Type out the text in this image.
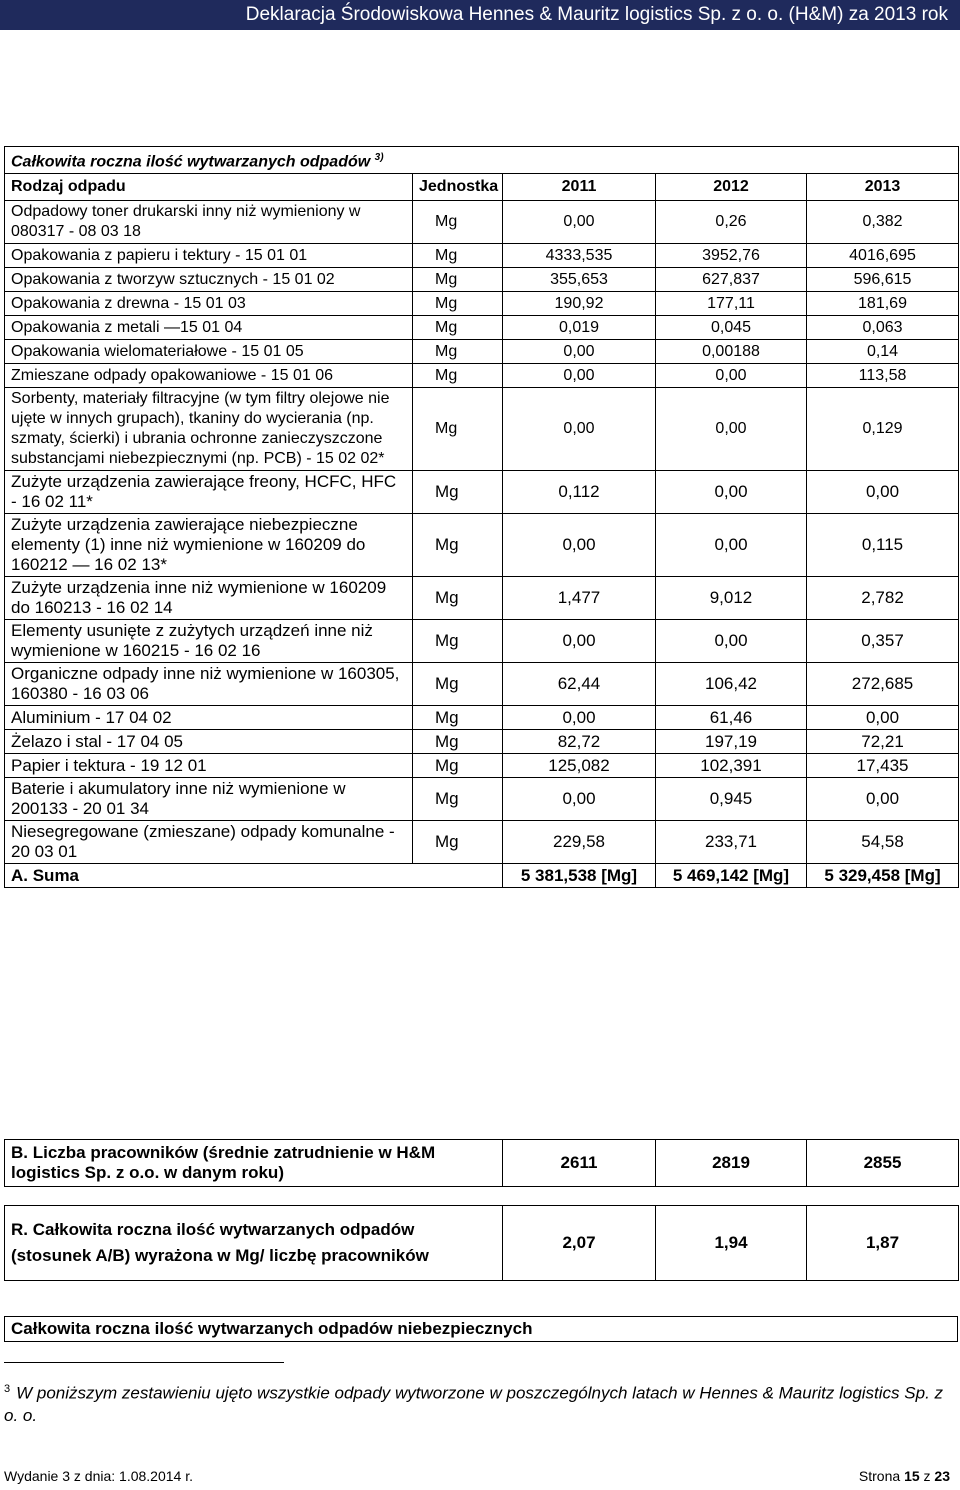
Deklaracja Środowiskowa Hennes & Mauritz logistics Sp. z o. o. (H&M) za 2013 rok
Całkowita roczna ilość wytwarzanych odpadów $^{3)}$
Rodzaj odpadu	Jednostka	2011	2012	2013
Odpadowy toner drukarski inny niż wymieniony w 080317 - 08 03 18	Mg	0,00	0,26	0,382
Opakowania z papieru i tektury - 15 01 01	Mg	4333,535	3952,76	4016,695
Opakowania z tworzyw sztucznych - 15 01 02	Mg	355,653	627,837	596,615
Opakowania z drewna - 15 01 03	Mg	190,92	177,11	181,69
Opakowania z metali —15 01 04	Mg	0,019	0,045	0,063
Opakowania wielomateriałowe - 15 01 05	Mg	0,00	0,00188	0,14
Zmieszane odpady opakowaniowe - 15 01 06	Mg	0,00	0,00	113,58
Sorbenty, materiały filtracyjne (w tym filtry olejowe nie ujęte w innych grupach), tkaniny do wycierania (np. szmaty, ścierki) i ubrania ochronne zanieczyszczone substancjami niebezpiecznymi (np. PCB) - 15 02 02*	Mg	0,00	0,00	0,129
Zużyte urządzenia zawierające freony, HCFC, HFC - 16 02 11*	Mg	0,112	0,00	0,00
Zużyte urządzenia zawierające niebezpieczne elementy (1) inne niż wymienione w 160209 do 160212 — 16 02 13*	Mg	0,00	0,00	0,115
Zużyte urządzenia inne niż wymienione w 160209 do 160213 - 16 02 14	Mg	1,477	9,012	2,782
Elementy usunięte z zużytych urządzeń inne niż wymienione w 160215 - 16 02 16	Mg	0,00	0,00	0,357
Organiczne odpady inne niż wymienione w 160305, 160380 - 16 03 06	Mg	62,44	106,42	272,685
Aluminium - 17 04 02	Mg	0,00	61,46	0,00
Żelazo i stal - 17 04 05	Mg	82,72	197,19	72,21
Papier i tektura - 19 12 01	Mg	125,082	102,391	17,435
Baterie i akumulatory inne niż wymienione w 200133 - 20 01 34	Mg	0,00	0,945	0,00
Niesegregowane (zmieszane) odpady komunalne - 20 03 01	Mg	229,58	233,71	54,58
A. Suma		5 381,538 [Mg]	5 469,142 [Mg]	5 329,458 [Mg]
B. Liczba pracowników (średnie zatrudnienie w H&M logistics Sp. z o.o. w danym roku)	2611	2819	2855
R. Całkowita roczna ilość wytwarzanych odpadów (stosunek A/B) wyrażona w Mg/ liczbę pracowników	2,07	1,94	1,87
Całkowita roczna ilość wytwarzanych odpadów niebezpiecznych
$^3$ W poniższym zestawieniu ujęto wszystkie odpady wytworzone w poszczególnych latach w Hennes & Mauritz logistics Sp. z o. o.
Wydanie 3 z dnia: 1.08.2014 r.	Strona 15 z 23
